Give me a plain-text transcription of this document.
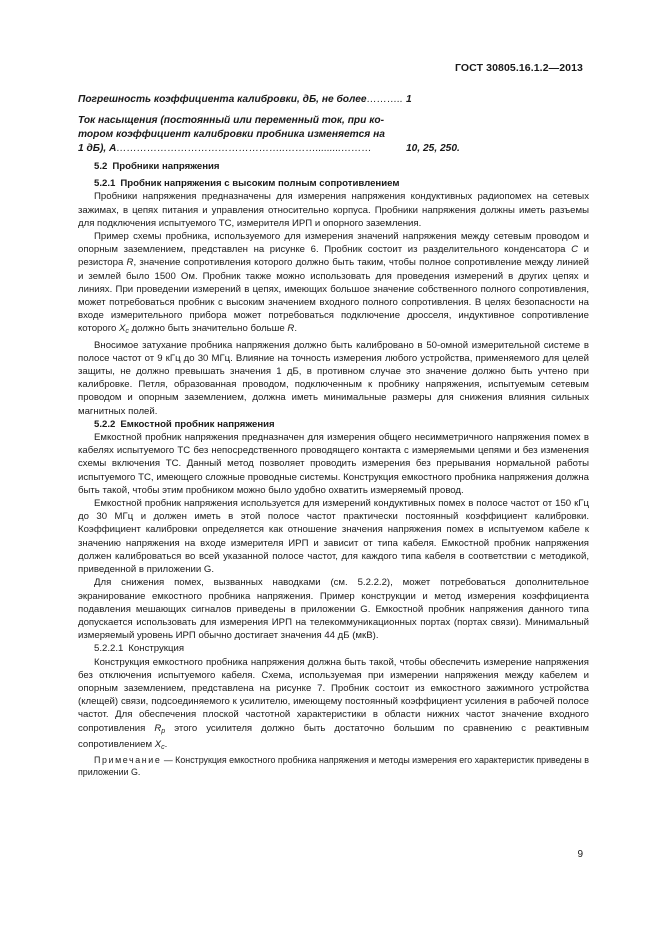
ГОСТ 30805.16.1.2—2013
Погрешность коэффициента калибровки, дБ, не более……….. 1
Ток насыщения (постоянный или переменный ток, при ко-
тором коэффициент калибровки пробника изменяется на
1 дБ), А…………………………………………..……….........………	10, 25, 250.

5.2 Пробники напряжения

5.2.1 Пробник напряжения с высоким полным сопротивлением

Пробники напряжения предназначены для измерения напряжения кондуктивных радиопомех на сетевых зажимах, в цепях питания и управления относительно корпуса. Пробники напряжения должны иметь разъемы для подключения испытуемого ТС, измерителя ИРП и опорного заземления.

Пример схемы пробника, используемого для измерения значений напряжения между сетевым проводом и опорным заземлением, представлен на рисунке 6. Пробник состоит из разделительного конденсатора C и резистора R, значение сопротивления которого должно быть таким, чтобы полное сопротивление между линией и землей было 1500 Ом. Пробник также можно использовать для проведения измерений в других цепях и линиях. При проведении измерений в цепях, имеющих большое значение собственного полного сопротивления, может потребоваться пробник с высоким значением входного полного сопротивления. В целях безопасности на входе измерительного прибора может потребоваться подключение дросселя, индуктивное сопротивление которого $X_c$ должно быть значительно больше R.

Вносимое затухание пробника напряжения должно быть калибровано в 50-омной измерительной системе в полосе частот от 9 кГц до 30 МГц. Влияние на точность измерения любого устройства, применяемого для целей защиты, не должно превышать значения 1 дБ, в противном случае это значение должно быть учтено при калибровке. Петля, образованная проводом, подключенным к пробнику напряжения, испытуемым сетевым проводом и опорным заземлением, должна иметь минимальные размеры для снижения влияния сильных магнитных полей.

5.2.2 Емкостной пробник напряжения

Емкостной пробник напряжения предназначен для измерения общего несимметричного напряжения помех в кабелях испытуемого ТС без непосредственного проводящего контакта с измеряемыми цепями и без изменения схемы включения ТС. Данный метод позволяет проводить измерения без прерывания нормальной работы испытуемого ТС, имеющего сложные проводные системы. Конструкция емкостного пробника напряжения должна быть такой, чтобы этим пробником можно было удобно охватить измеряемый провод.

Емкостной пробник напряжения используется для измерений кондуктивных помех в полосе частот от 150 кГц до 30 МГц и должен иметь в этой полосе частот практически постоянный коэффициент калибровки. Коэффициент калибровки определяется как отношение значения напряжения помех в испытуемом кабеле к значению напряжения на входе измерителя ИРП и зависит от типа кабеля. Емкостной пробник напряжения должен калиброваться во всей указанной полосе частот, для каждого типа кабеля в соответствии с методикой, приведенной в приложении G.

Для снижения помех, вызванных наводками (см. 5.2.2.2), может потребоваться дополнительное экранирование емкостного пробника напряжения. Пример конструкции и метод измерения коэффициента подавления мешающих сигналов приведены в приложении G. Емкостной пробник напряжения данного типа допускается использовать для измерения ИРП на телекоммуникационных портах (портах связи). Минимальный измеряемый уровень ИРП обычно достигает значения 44 дБ (мкВ).

5.2.2.1 Конструкция

Конструкция емкостного пробника напряжения должна быть такой, чтобы обеспечить измерение напряжения без отключения испытуемого кабеля. Схема, используемая при измерении напряжения между кабелем и опорным заземлением, представлена на рисунке 7. Пробник состоит из емкостного зажимного устройства (клещей) связи, подсоединяемого к усилителю, имеющему постоянный коэффициент усиления в рабочей полосе частот. Для обеспечения плоской частотной характеристики в области нижних частот значение входного сопротивления $R_p$ этого усилителя должно быть достаточно большим по сравнению с реактивным сопротивлением $X_c$.

Примечание — Конструкция емкостного пробника напряжения и методы измерения его характеристик приведены в приложении G.

9
